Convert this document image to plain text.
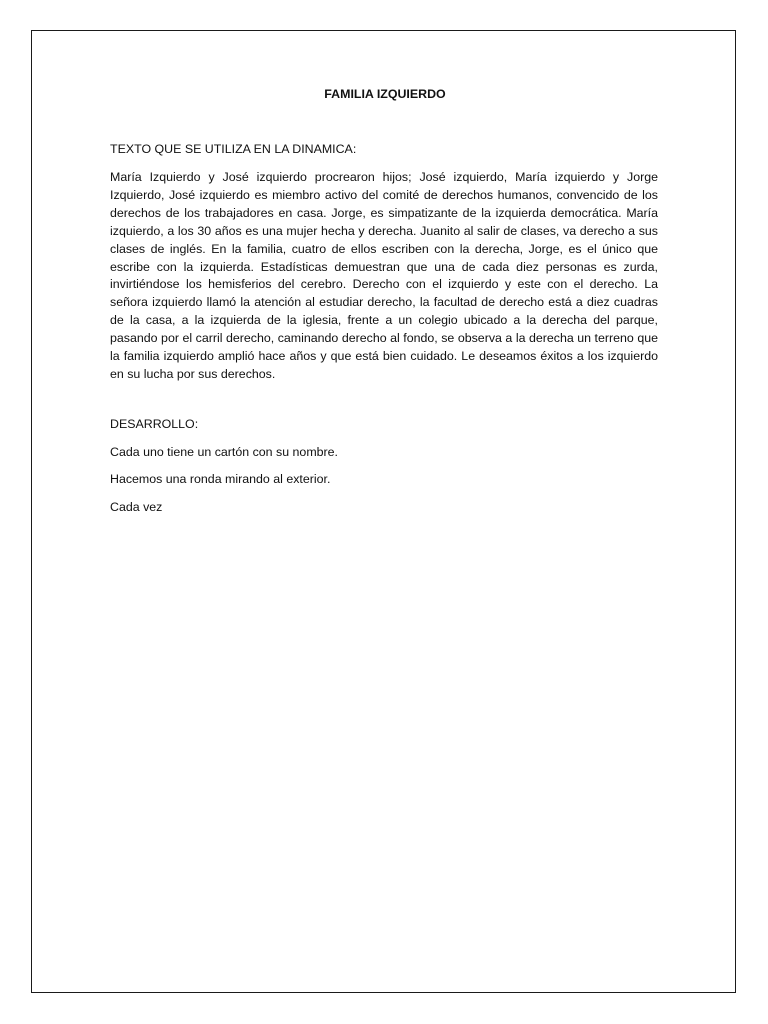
FAMILIA IZQUIERDO

TEXTO QUE SE UTILIZA EN LA DINAMICA:

María Izquierdo y José izquierdo procrearon hijos; José izquierdo, María izquierdo y Jorge Izquierdo, José izquierdo es miembro activo del comité de derechos humanos, convencido de los derechos de los trabajadores en casa. Jorge, es simpatizante de la izquierda democrática. María izquierdo, a los 30 años es una mujer hecha y derecha. Juanito al salir de clases, va derecho a sus clases de inglés. En la familia, cuatro de ellos escriben con la derecha, Jorge, es el único que escribe con la izquierda. Estadísticas demuestran que una de cada diez personas es zurda, invirtiéndose los hemisferios del cerebro. Derecho con el izquierdo y este con el derecho. La señora izquierdo llamó la atención al estudiar derecho, la facultad de derecho está a diez cuadras de la casa, a la izquierda de la iglesia, frente a un colegio ubicado a la derecha del parque, pasando por el carril derecho, caminando derecho al fondo, se observa a la derecha un terreno que la familia izquierdo amplió hace años y que está bien cuidado. Le deseamos éxitos a los izquierdo en su lucha por sus derechos.

DESARROLLO:

Cada uno tiene un cartón con su nombre.

Hacemos una ronda mirando al exterior.

Cada vez
